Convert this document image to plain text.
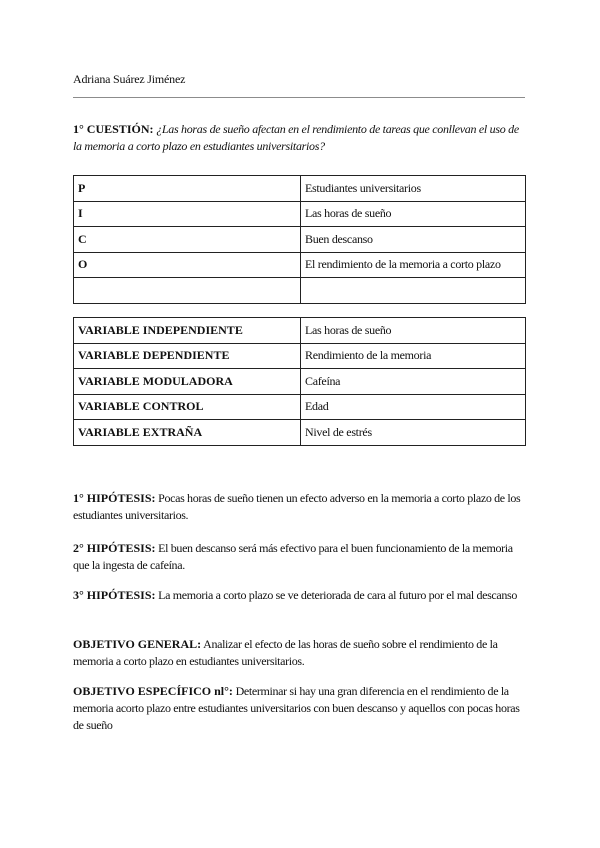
Adriana Suárez Jiménez
1° CUESTIÓN: ¿Las horas de sueño afectan en el rendimiento de tareas que conllevan el uso de la memoria a corto plazo en estudiantes universitarios?
P	Estudiantes universitarios
I	Las horas de sueño
C	Buen descanso
O	El rendimiento de la memoria a corto plazo

VARIABLE INDEPENDIENTE	Las horas de sueño
VARIABLE DEPENDIENTE	Rendimiento de la memoria
VARIABLE MODULADORA	Cafeína
VARIABLE CONTROL	Edad
VARIABLE EXTRAÑA	Nivel de estrés
1° HIPÓTESIS: Pocas horas de sueño tienen un efecto adverso en la memoria a corto plazo de los estudiantes universitarios.
2° HIPÓTESIS: El buen descanso será más efectivo para el buen funcionamiento de la memoria que la ingesta de cafeína.
3° HIPÓTESIS: La memoria a corto plazo se ve deteriorada de cara al futuro por el mal descanso
OBJETIVO GENERAL: Analizar el efecto de las horas de sueño sobre el rendimiento de la memoria a corto plazo en estudiantes universitarios.
OBJETIVO ESPECÍFICO nl°: Determinar si hay una gran diferencia en el rendimiento de la memoria acorto plazo entre estudiantes universitarios con buen descanso y aquellos con pocas horas de sueño
